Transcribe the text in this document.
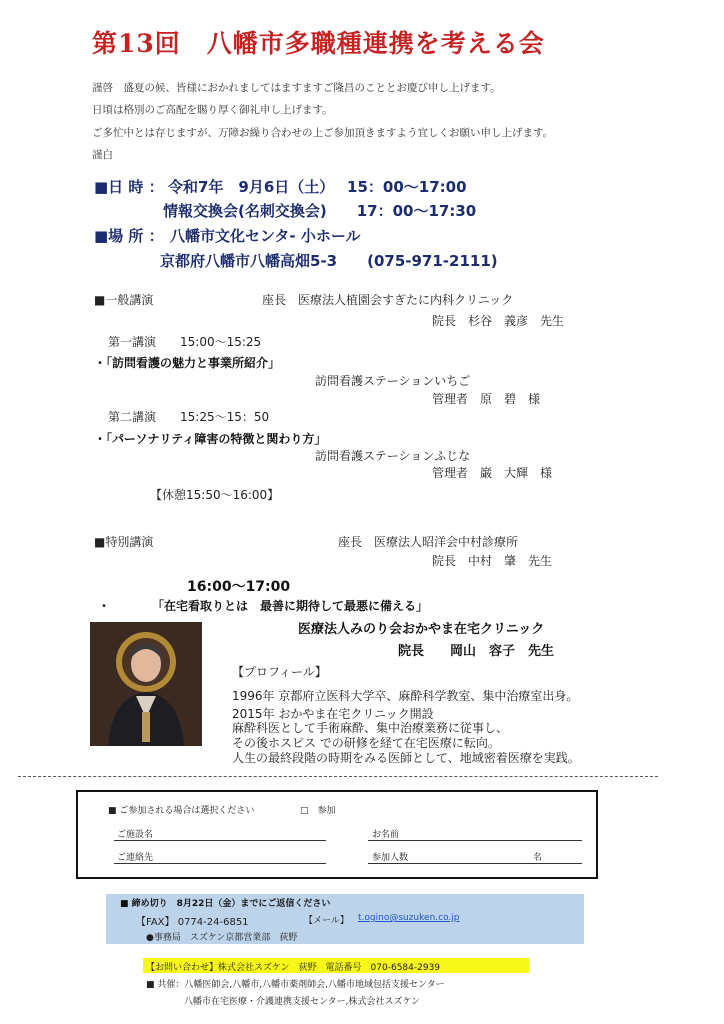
第13回　八幡市多職種連携を考える会
謹啓　盛夏の候、皆様におかれましてはますますご隆昌のこととお慶び申し上げます。
日頃は格別のご高配を賜り厚く御礼申し上げます。
ご多忙中とは存じますが、万障お繰り合わせの上ご参加頂きますよう宜しくお願い申し上げます。
謹白
■日 時 ： 令和7年　9月6日（土）　 15：00〜17:00
情報交換会(名刺交換会)　　17：00〜17:30
■場 所 ： 八幡市文化センタ- 小ホール
京都府八幡市八幡高畑5-3　　(075-971-2111)
■一般講演	座長　医療法人植園会すぎたに内科クリニック
院長　杉谷　義彦　先生
第一講演　　15:00〜15:25
・「訪問看護の魅力と事業所紹介」
訪問看護ステーションいちご
管理者　原　碧　様
第二講演　　15:25〜15：50
・「パーソナリティ障害の特徴と関わり方」
訪問看護ステーションふじな
管理者　巌　大輝　様
【休憩15:50〜16:00】
■特別講演	座長　医療法人昭洋会中村診療所
院長　中村　肇　先生
16:00〜17:00
・	「在宅看取りとは　最善に期待して最悪に備える」
医療法人みのり会おかやま在宅クリニック
院長　　岡山　容子　先生
【プロフィール】
1996年 京都府立医科大学卒、麻酔科学教室、集中治療室出身。
2015年 おかやま在宅クリニック開設
麻酔科医として手術麻酔、集中治療業務に従事し、
その後ホスピス での研修を経て在宅医療に転向。
人生の最終段階の時期をみる医師として、地域密着医療を実践。
■ ご参加される場合は選択ください	□　参加
ご施設名	お名前
ご連絡先	参加人数	名
■ 締め切り　8月22日（金）までにご返信ください
【FAX】 0774-24-6851	【メール】 t.ogino@suzuken.co.jp
●事務局　スズケン京都営業部　荻野
【お問い合わせ】株式会社スズケン　荻野　電話番号　070-6584-2939
■ 共催：八幡医師会,八幡市,八幡市薬剤師会,八幡市地域包括支援センター
八幡市在宅医療・介護連携支援センター,株式会社スズケン
